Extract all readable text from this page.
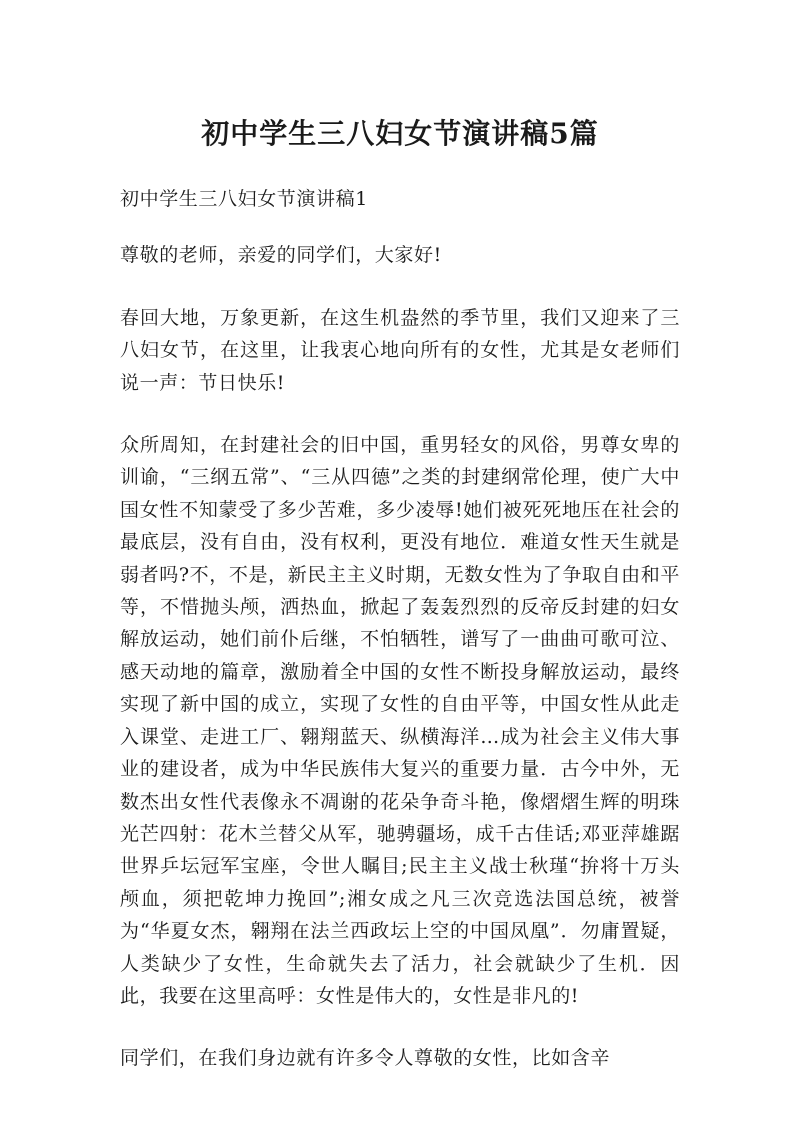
初中学生三八妇女节演讲稿5篇

初中学生三八妇女节演讲稿1

尊敬的老师，亲爱的同学们，大家好!

春回大地，万象更新，在这生机盎然的季节里，我们又迎来了三八妇女节，在这里，让我衷心地向所有的女性，尤其是女老师们说一声：节日快乐!

众所周知，在封建社会的旧中国，重男轻女的风俗，男尊女卑的训谕，“三纲五常”、“三从四德”之类的封建纲常伦理，使广大中国女性不知蒙受了多少苦难，多少凌辱!她们被死死地压在社会的最底层，没有自由，没有权利，更没有地位．难道女性天生就是弱者吗?不，不是，新民主主义时期，无数女性为了争取自由和平等，不惜抛头颅，洒热血，掀起了轰轰烈烈的反帝反封建的妇女解放运动，她们前仆后继，不怕牺牲，谱写了一曲曲可歌可泣、感天动地的篇章，激励着全中国的女性不断投身解放运动，最终实现了新中国的成立，实现了女性的自由平等，中国女性从此走入课堂、走进工厂、翱翔蓝天、纵横海洋…成为社会主义伟大事业的建设者，成为中华民族伟大复兴的重要力量．古今中外，无数杰出女性代表像永不凋谢的花朵争奇斗艳，像熠熠生辉的明珠光芒四射：花木兰替父从军，驰骋疆场，成千古佳话;邓亚萍雄踞世界乒坛冠军宝座，令世人瞩目;民主主义战士秋瑾“拚将十万头颅血，须把乾坤力挽回”;湘女成之凡三次竞选法国总统，被誉为“华夏女杰，翱翔在法兰西政坛上空的中国凤凰”．勿庸置疑，人类缺少了女性，生命就失去了活力，社会就缺少了生机．因此，我要在这里高呼：女性是伟大的，女性是非凡的!

同学们，在我们身边就有许多令人尊敬的女性，比如含辛
